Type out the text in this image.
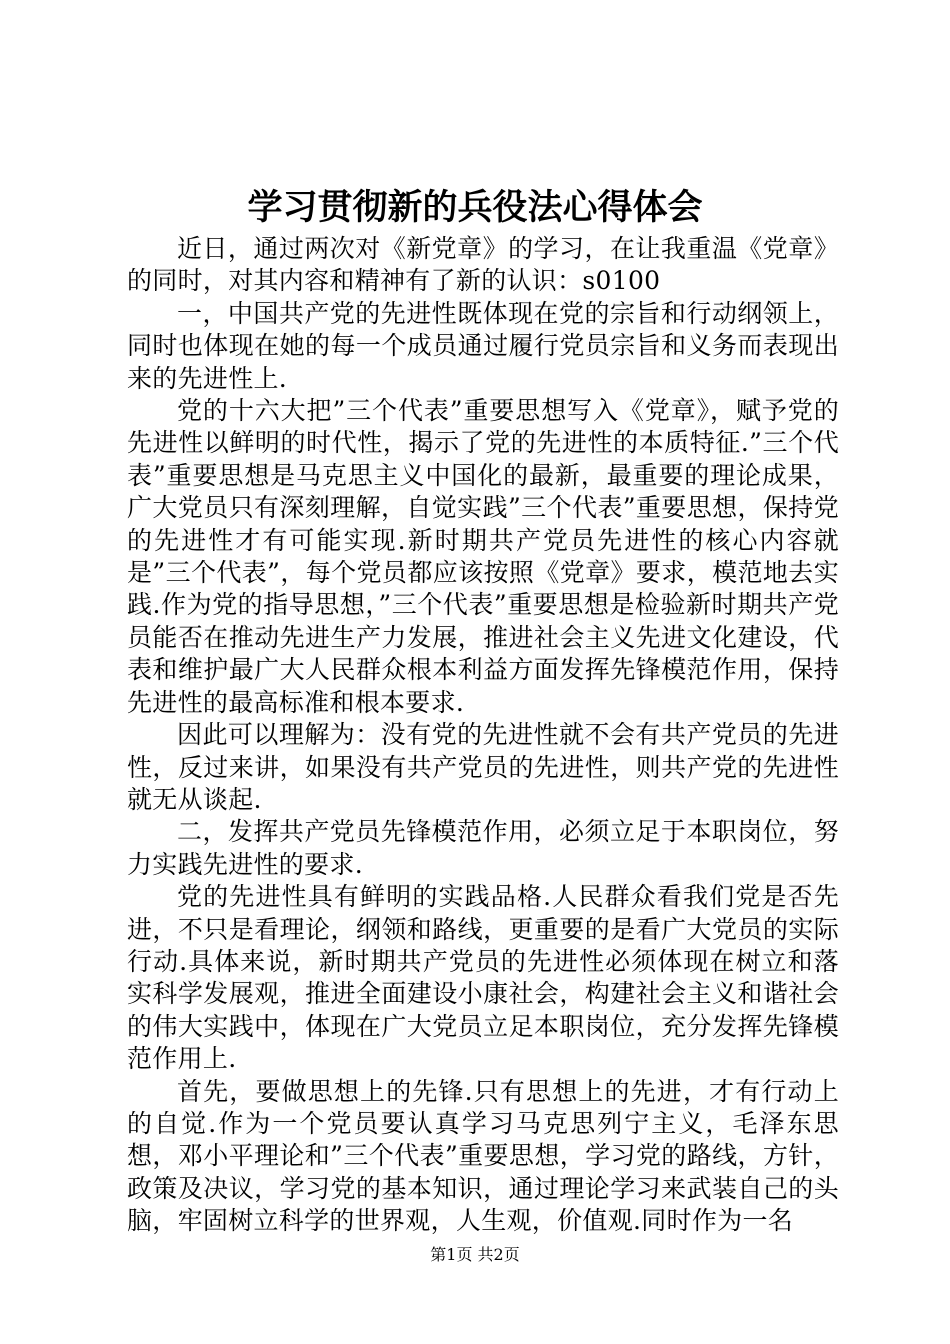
学习贯彻新的兵役法心得体会

近日，通过两次对《新党章》的学习，在让我重温《党章》的同时，对其内容和精神有了新的认识：s0100

一，中国共产党的先进性既体现在党的宗旨和行动纲领上，同时也体现在她的每一个成员通过履行党员宗旨和义务而表现出来的先进性上.

党的十六大把”三个代表”重要思想写入《党章》，赋予党的先进性以鲜明的时代性，揭示了党的先进性的本质特征.”三个代表”重要思想是马克思主义中国化的最新，最重要的理论成果，广大党员只有深刻理解，自觉实践”三个代表”重要思想，保持党的先进性才有可能实现.新时期共产党员先进性的核心内容就是”三个代表”，每个党员都应该按照《党章》要求，模范地去实践.作为党的指导思想，”三个代表”重要思想是检验新时期共产党员能否在推动先进生产力发展，推进社会主义先进文化建设，代表和维护最广大人民群众根本利益方面发挥先锋模范作用，保持先进性的最高标准和根本要求.

因此可以理解为：没有党的先进性就不会有共产党员的先进性，反过来讲，如果没有共产党员的先进性，则共产党的先进性就无从谈起.

二，发挥共产党员先锋模范作用，必须立足于本职岗位，努力实践先进性的要求.

党的先进性具有鲜明的实践品格.人民群众看我们党是否先进，不只是看理论，纲领和路线，更重要的是看广大党员的实际行动.具体来说，新时期共产党员的先进性必须体现在树立和落实科学发展观，推进全面建设小康社会，构建社会主义和谐社会的伟大实践中，体现在广大党员立足本职岗位，充分发挥先锋模范作用上.

首先，要做思想上的先锋.只有思想上的先进，才有行动上的自觉.作为一个党员要认真学习马克思列宁主义，毛泽东思想，邓小平理论和”三个代表”重要思想，学习党的路线，方针，政策及决议，学习党的基本知识，通过理论学习来武装自己的头脑，牢固树立科学的世界观，人生观，价值观.同时作为一名

第1页 共2页
